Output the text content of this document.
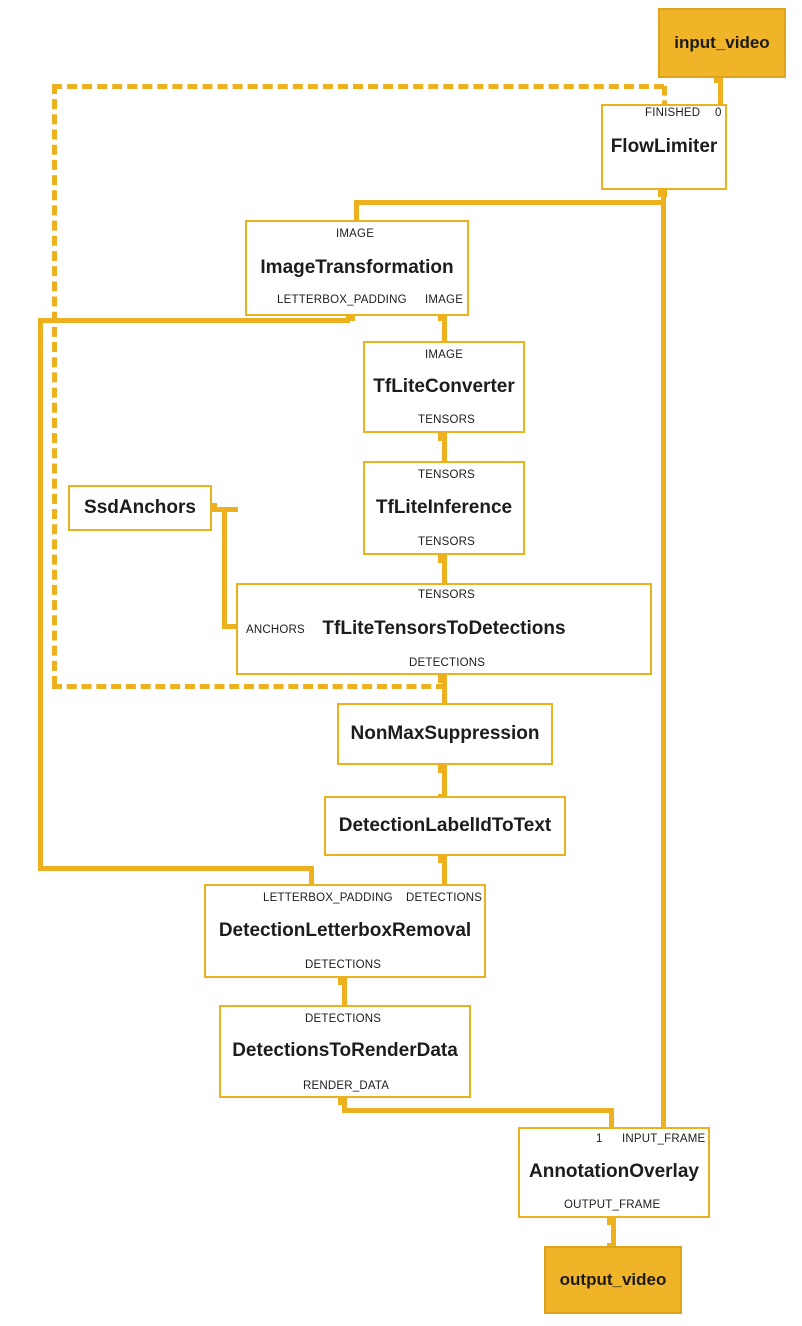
input_video
FlowLimiter
FINISHED 0
ImageTransformation
IMAGE
LETTERBOX_PADDING IMAGE
TfLiteConverter
IMAGE
TENSORS
SsdAnchors	TfLiteInference
TENSORS
TENSORS
TfLiteTensorsToDetections
TENSORS
ANCHORS
DETECTIONS
NonMaxSuppression
DetectionLabelIdToText
DetectionLetterboxRemoval
LETTERBOX_PADDING DETECTIONS
DETECTIONS
DetectionsToRenderData
DETECTIONS
RENDER_DATA
AnnotationOverlay
1 INPUT_FRAME
OUTPUT_FRAME
output_video
